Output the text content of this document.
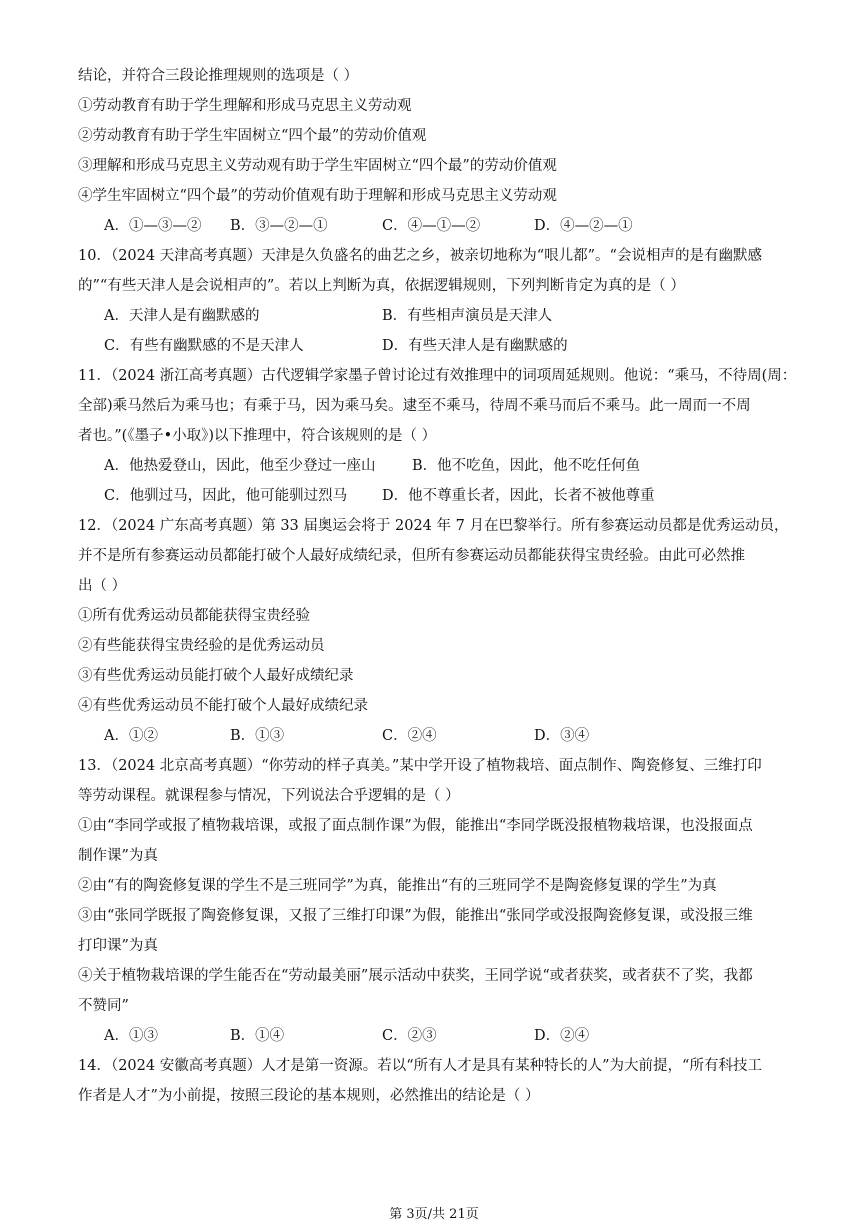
结论，并符合三段论推理规则的选项是（ ）
①劳动教育有助于学生理解和形成马克思主义劳动观
②劳动教育有助于学生牢固树立“四个最”的劳动价值观
③理解和形成马克思主义劳动观有助于学生牢固树立“四个最”的劳动价值观
④学生牢固树立“四个最”的劳动价值观有助于理解和形成马克思主义劳动观
A．①—③—② B．③—②—①	C．④—①—②	D．④—②—①
10．（2024 天津高考真题）天津是久负盛名的曲艺之乡，被亲切地称为“哏儿都”。“会说相声的是有幽默感
的”“有些天津人是会说相声的”。若以上判断为真，依据逻辑规则，下列判断肯定为真的是（ ）
A．天津人是有幽默感的	B．有些相声演员是天津人
C．有些有幽默感的不是天津人	D．有些天津人是有幽默感的
11．（2024 浙江高考真题）古代逻辑学家墨子曾讨论过有效推理中的词项周延规则。他说：“乘马，不待周(周：
全部)乘马然后为乘马也；有乘于马，因为乘马矣。逮至不乘马，待周不乘马而后不乘马。此一周而一不周
者也。”(《墨子•小取》)以下推理中，符合该规则的是（ ）
A．他热爱登山，因此，他至少登过一座山	B．他不吃鱼，因此，他不吃任何鱼
C．他驯过马，因此，他可能驯过烈马 D．他不尊重长者，因此，长者不被他尊重
12．（2024 广东高考真题）第 33 届奥运会将于 2024 年 7 月在巴黎举行。所有参赛运动员都是优秀运动员，
并不是所有参赛运动员都能打破个人最好成绩纪录，但所有参赛运动员都能获得宝贵经验。由此可必然推
出（ ）
①所有优秀运动员都能获得宝贵经验
②有些能获得宝贵经验的是优秀运动员
③有些优秀运动员能打破个人最好成绩纪录
④有些优秀运动员不能打破个人最好成绩纪录
A．①②	B．①③	C．②④	D．③④
13．（2024 北京高考真题）“你劳动的样子真美。”某中学开设了植物栽培、面点制作、陶瓷修复、三维打印
等劳动课程。就课程参与情况，下列说法合乎逻辑的是（ ）
①由“李同学或报了植物栽培课，或报了面点制作课”为假，能推出“李同学既没报植物栽培课，也没报面点
制作课”为真
②由“有的陶瓷修复课的学生不是三班同学”为真，能推出“有的三班同学不是陶瓷修复课的学生”为真
③由“张同学既报了陶瓷修复课，又报了三维打印课”为假，能推出“张同学或没报陶瓷修复课，或没报三维
打印课”为真
④关于植物栽培课的学生能否在“劳动最美丽”展示活动中获奖，王同学说“或者获奖，或者获不了奖，我都
不赞同”
A．①③	B．①④	C．②③	D．②④
14．（2024 安徽高考真题）人才是第一资源。若以“所有人才是具有某种特长的人”为大前提，“所有科技工
作者是人才”为小前提，按照三段论的基本规则，必然推出的结论是（ ）
第 3页/共 21页
